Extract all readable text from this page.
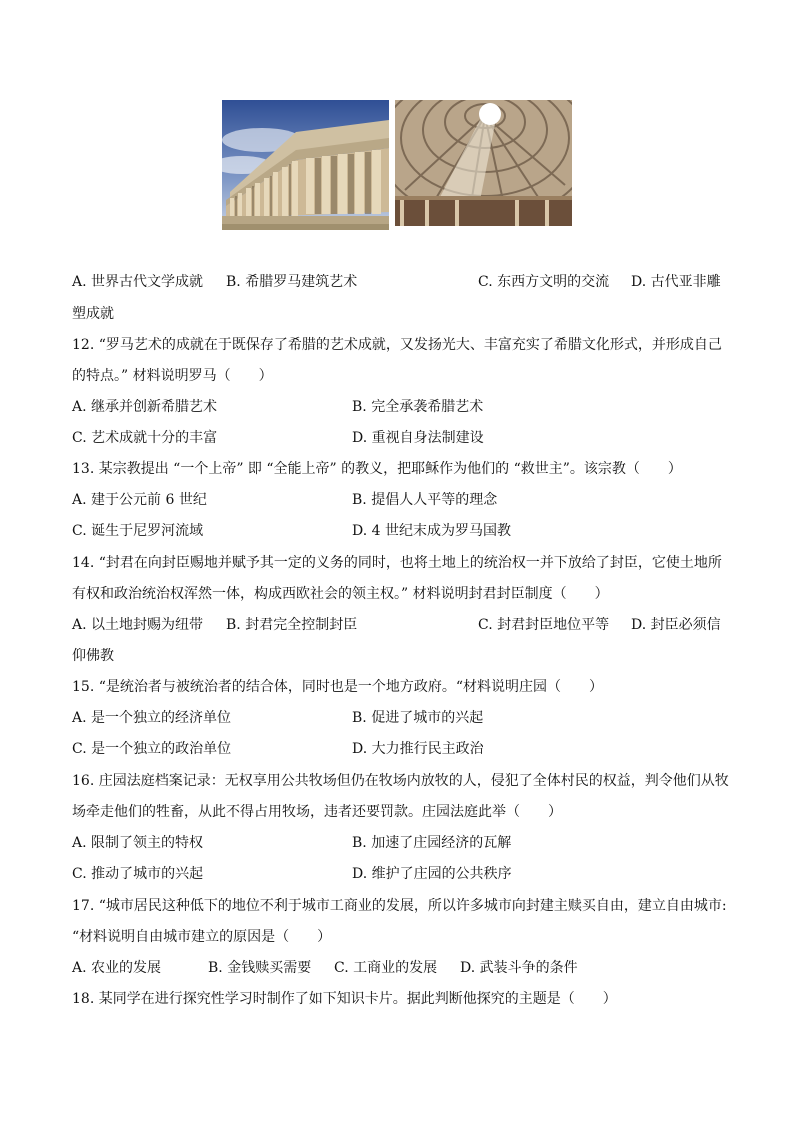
A. 世界古代文学成就 B. 希腊罗马建筑艺术	C. 东西方文明的交流 D. 古代亚非雕
塑成就
12. “罗马艺术的成就在于既保存了希腊的艺术成就，又发扬光大、丰富充实了希腊文化形式，并形成自己
的特点。” 材料说明罗马（　　）
A. 继承并创新希腊艺术	B. 完全承袭希腊艺术
C. 艺术成就十分的丰富	D. 重视自身法制建设
13. 某宗教提出 “一个上帝” 即 “全能上帝” 的教义，把耶稣作为他们的 “救世主”。该宗教（　　）
A. 建于公元前 6 世纪	B. 提倡人人平等的理念
C. 诞生于尼罗河流域	D. 4 世纪末成为罗马国教
14. “封君在向封臣赐地并赋予其一定的义务的同时，也将土地上的统治权一并下放给了封臣，它使土地所
有权和政治统治权浑然一体，构成西欧社会的领主权。” 材料说明封君封臣制度（　　）
A. 以土地封赐为纽带 B. 封君完全控制封臣	C. 封君封臣地位平等 D. 封臣必须信
仰佛教
15. “是统治者与被统治者的结合体，同时也是一个地方政府。“材料说明庄园（　　）
A. 是一个独立的经济单位	B. 促进了城市的兴起
C. 是一个独立的政治单位	D. 大力推行民主政治
16. 庄园法庭档案记录：无权享用公共牧场但仍在牧场内放牧的人，侵犯了全体村民的权益，判令他们从牧
场牵走他们的牲畜，从此不得占用牧场，违者还要罚款。庄园法庭此举（　　）
A. 限制了领主的特权	B. 加速了庄园经济的瓦解
C. 推动了城市的兴起	D. 维护了庄园的公共秩序
17. “城市居民这种低下的地位不利于城市工商业的发展，所以许多城市向封建主赎买自由，建立自由城市:
“材料说明自由城市建立的原因是（　　）
A. 农业的发展	B. 金钱赎买需要 C. 工商业的发展 D. 武装斗争的条件
18. 某同学在进行探究性学习时制作了如下知识卡片。据此判断他探究的主题是（　　）
